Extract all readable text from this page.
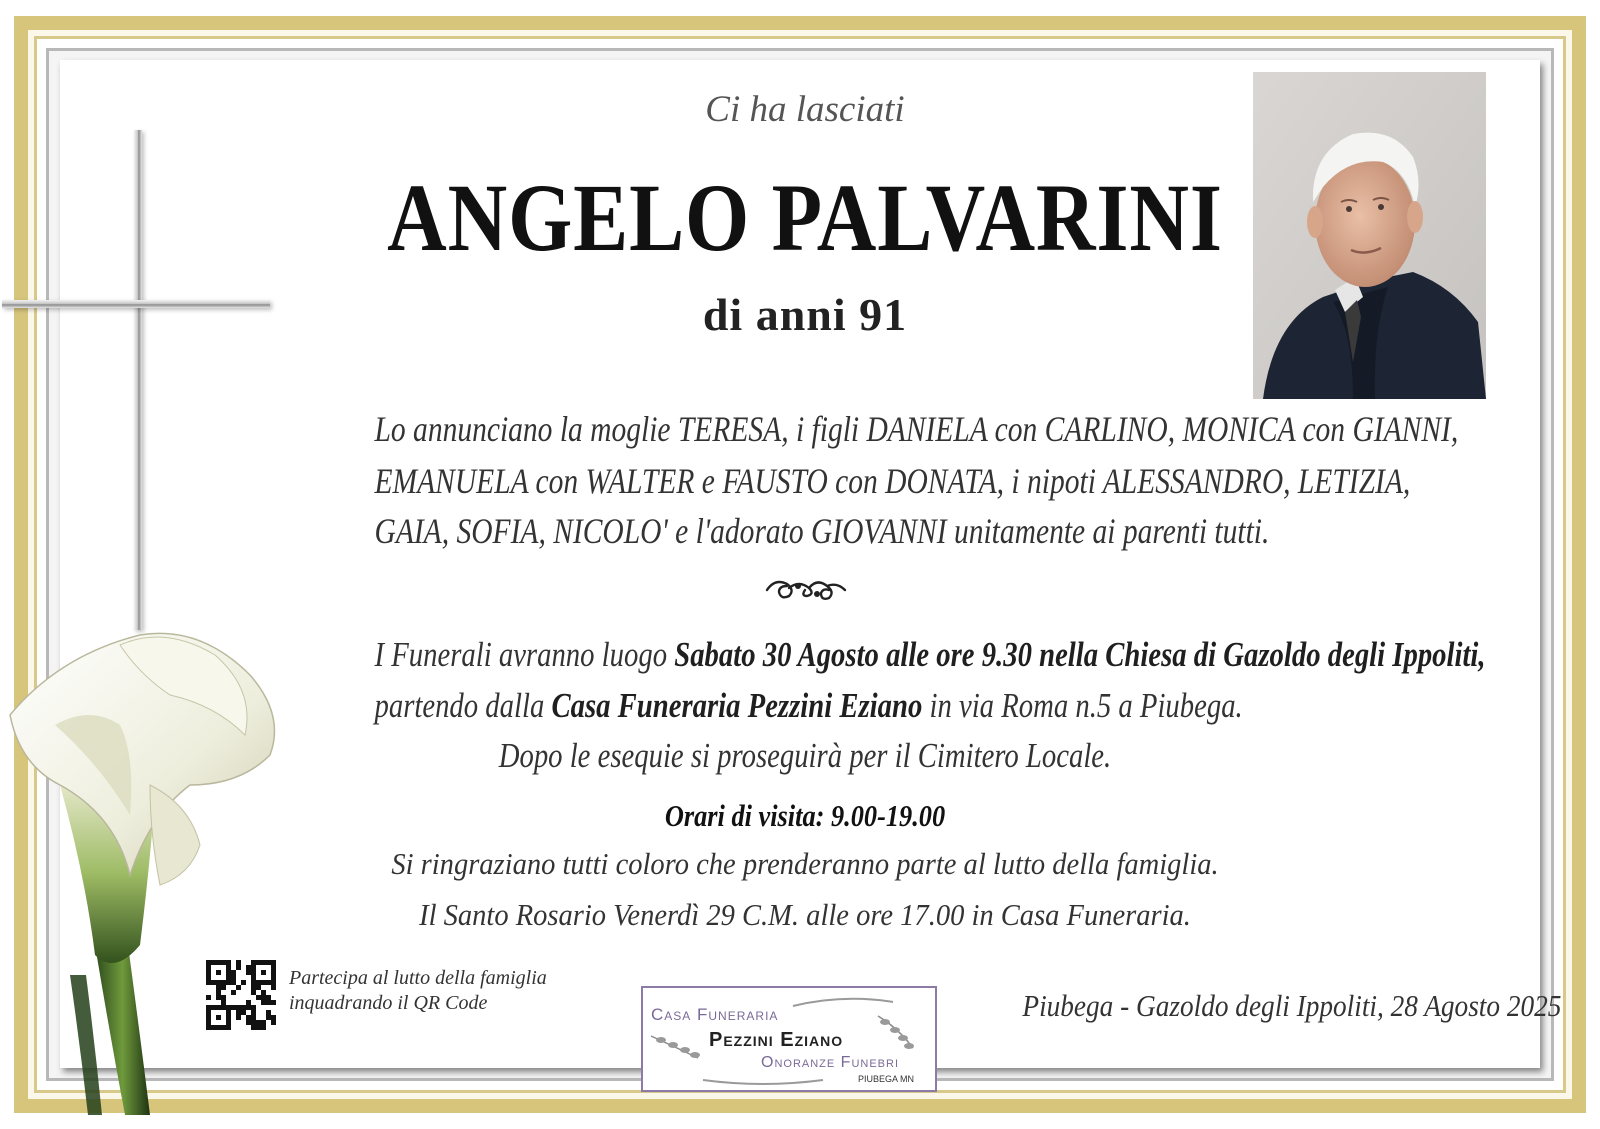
Ci ha lasciati
ANGELO PALVARINI
di anni 91
Lo annunciano la moglie TERESA, i figli DANIELA con CARLINO, MONICA con GIANNI,
EMANUELA con WALTER e FAUSTO con DONATA, i nipoti ALESSANDRO, LETIZIA,
GAIA, SOFIA, NICOLO' e l'adorato GIOVANNI unitamente ai parenti tutti.
I Funerali avranno luogo Sabato 30 Agosto alle ore 9.30 nella Chiesa di Gazoldo degli Ippoliti,
partendo dalla Casa Funeraria Pezzini Eziano in via Roma n.5 a Piubega.
Dopo le esequie si proseguirà per il Cimitero Locale.
Orari di visita: 9.00-19.00
Si ringraziano tutti coloro che prenderanno parte al lutto della famiglia.
Il Santo Rosario Venerdì 29 C.M. alle ore 17.00 in Casa Funeraria.
Partecipa al lutto della famiglia
inquadrando il QR Code
Casa Funeraria
Pezzini Eziano
Onoranze Funebri
PIUBEGA MN
Piubega - Gazoldo degli Ippoliti, 28 Agosto 2025
